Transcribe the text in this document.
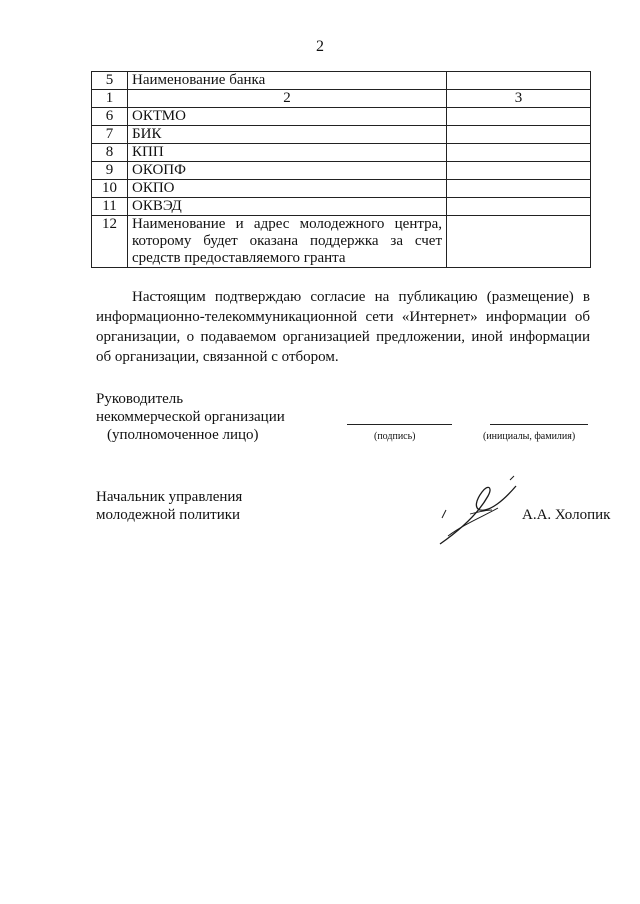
2
5	Наименование банка	
1	2	3
6	ОКТМО	
7	БИК	
8	КПП	
9	ОКОПФ	
10	ОКПО	
11	ОКВЭД	
12	Наименование и адрес молодежного центра, которому будет оказана поддержка за счет средств предоставляемого гранта	

Настоящим подтверждаю согласие на публикацию (размещение) в информационно-телекоммуникационной сети «Интернет» информации об организации, о подаваемом организацией предложении, иной информации об организации, связанной с отбором.

Руководитель
некоммерческой организации
(уполномоченное лицо)	(подпись)	(инициалы, фамилия)
Начальник управления
молодежной политики	А.А. Холопик
